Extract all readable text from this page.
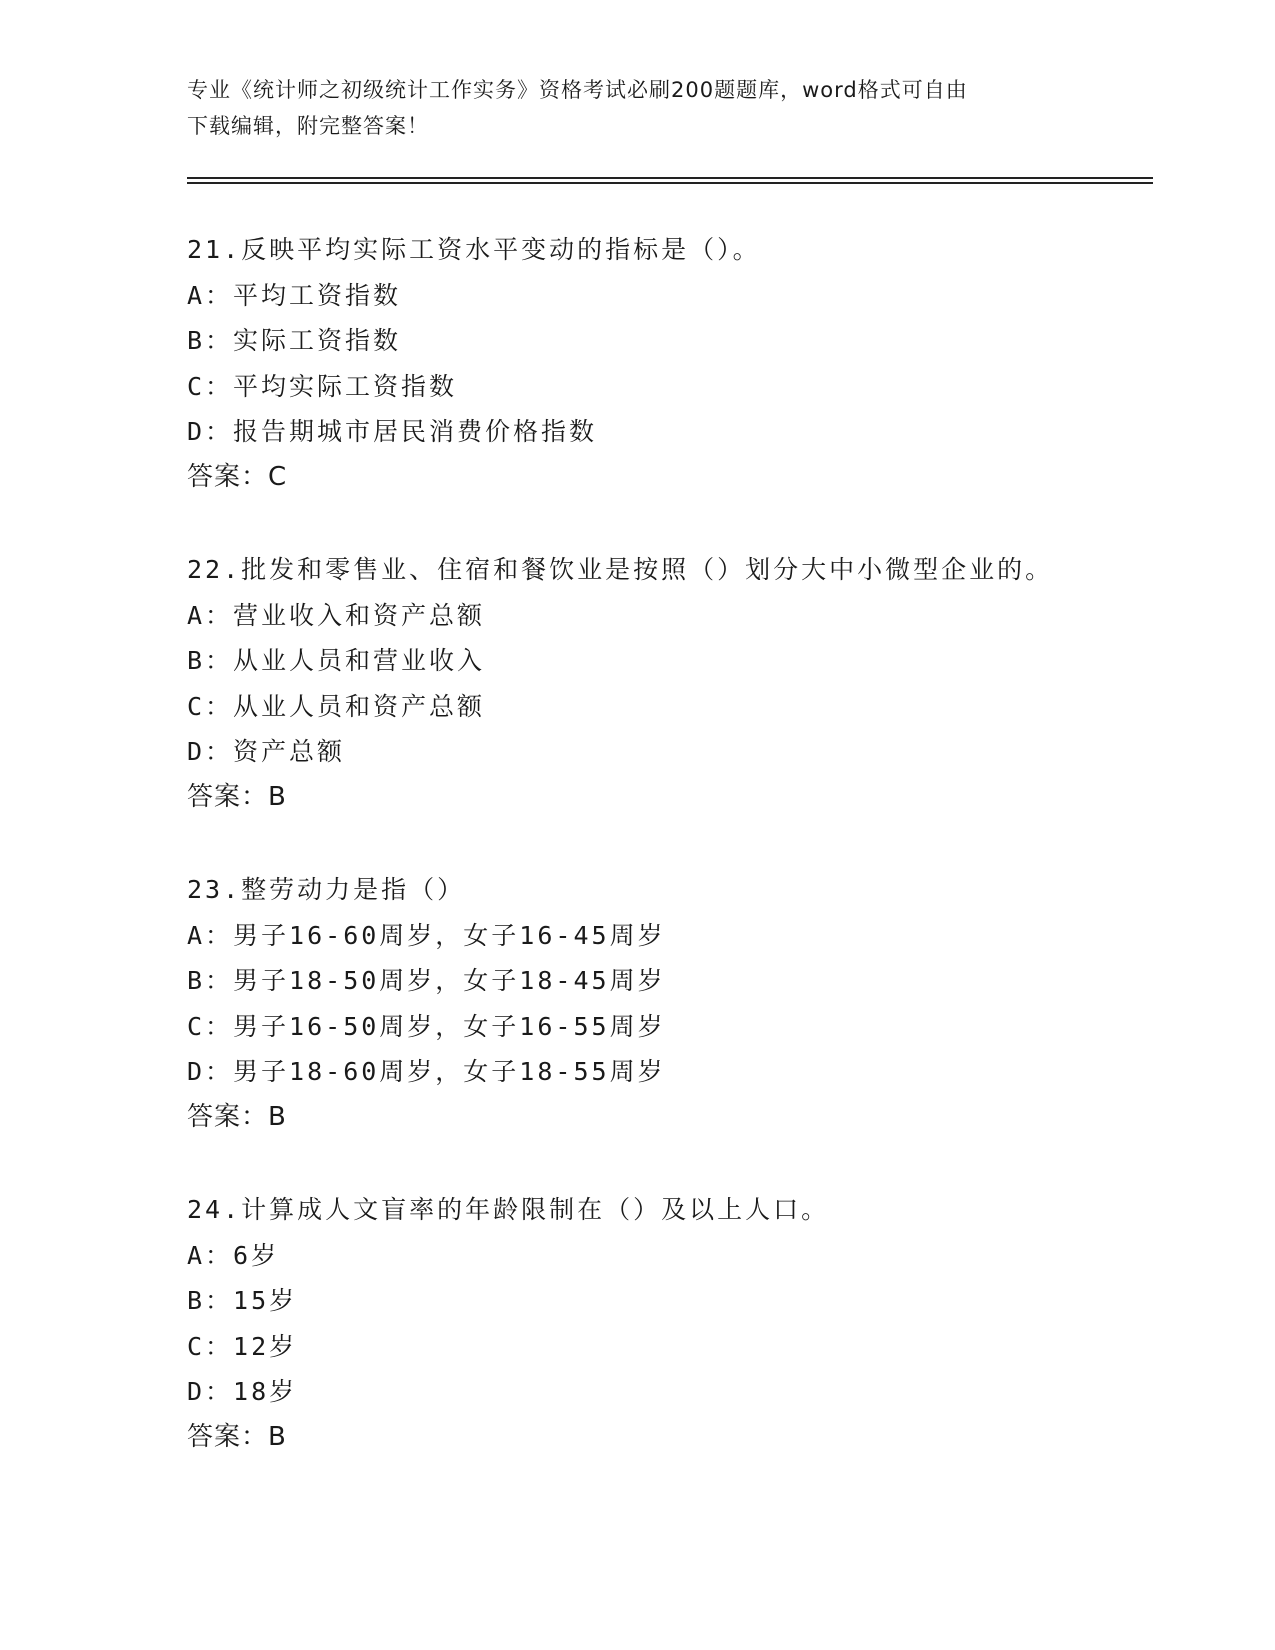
专业《统计师之初级统计工作实务》资格考试必刷200题题库，word格式可自由
下载编辑，附完整答案！
21.反映平均实际工资水平变动的指标是（）。
A：平均工资指数
B：实际工资指数
C：平均实际工资指数
D：报告期城市居民消费价格指数
答案：C
22.批发和零售业、住宿和餐饮业是按照（）划分大中小微型企业的。
A：营业收入和资产总额
B：从业人员和营业收入
C：从业人员和资产总额
D：资产总额
答案：B
23.整劳动力是指（）
A：男子16-60周岁，女子16-45周岁
B：男子18-50周岁，女子18-45周岁
C：男子16-50周岁，女子16-55周岁
D：男子18-60周岁，女子18-55周岁
答案：B
24.计算成人文盲率的年龄限制在（）及以上人口。
A：6岁
B：15岁
C：12岁
D：18岁
答案：B
